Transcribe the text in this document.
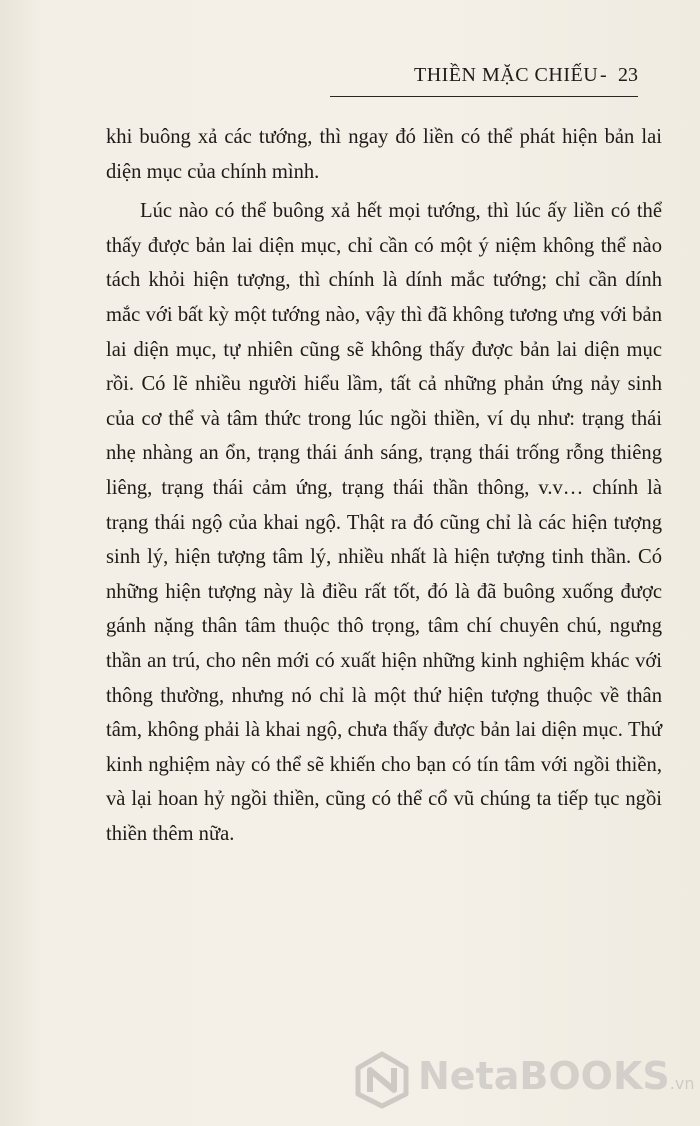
THIỀN MẶC CHIẾU - 23

khi buông xả các tướng, thì ngay đó liền có thể phát hiện bản lai diện mục của chính mình.

Lúc nào có thể buông xả hết mọi tướng, thì lúc ấy liền có thể thấy được bản lai diện mục, chỉ cần có một ý niệm không thể nào tách khỏi hiện tượng, thì chính là dính mắc tướng; chỉ cần dính mắc với bất kỳ một tướng nào, vậy thì đã không tương ưng với bản lai diện mục, tự nhiên cũng sẽ không thấy được bản lai diện mục rồi. Có lẽ nhiều người hiểu lầm, tất cả những phản ứng nảy sinh của cơ thể và tâm thức trong lúc ngồi thiền, ví dụ như: trạng thái nhẹ nhàng an ổn, trạng thái ánh sáng, trạng thái trống rỗng thiêng liêng, trạng thái cảm ứng, trạng thái thần thông, v.v… chính là trạng thái ngộ của khai ngộ. Thật ra đó cũng chỉ là các hiện tượng sinh lý, hiện tượng tâm lý, nhiều nhất là hiện tượng tinh thần. Có những hiện tượng này là điều rất tốt, đó là đã buông xuống được gánh nặng thân tâm thuộc thô trọng, tâm chí chuyên chú, ngưng thần an trú, cho nên mới có xuất hiện những kinh nghiệm khác với thông thường, nhưng nó chỉ là một thứ hiện tượng thuộc về thân tâm, không phải là khai ngộ, chưa thấy được bản lai diện mục. Thứ kinh nghiệm này có thể sẽ khiến cho bạn có tín tâm với ngồi thiền, và lại hoan hỷ ngồi thiền, cũng có thể cổ vũ chúng ta tiếp tục ngồi thiền thêm nữa.

NetaBOOKS.vn
